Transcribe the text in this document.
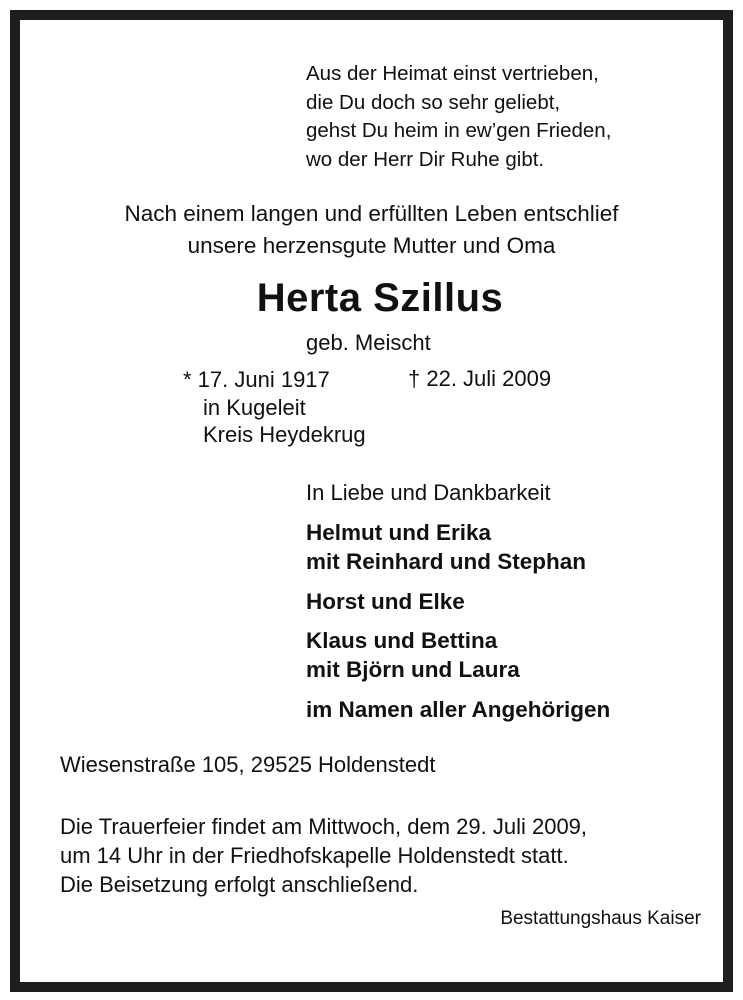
Aus der Heimat einst vertrieben,
die Du doch so sehr geliebt,
gehst Du heim in ew’gen Frieden,
wo der Herr Dir Ruhe gibt.
Nach einem langen und erfüllten Leben entschlief
unsere herzensgute Mutter und Oma
Herta Szillus
geb. Meischt
* 17. Juni 1917
in Kugeleit
Kreis Heydekrug
† 22. Juli 2009
In Liebe und Dankbarkeit
Helmut und Erika
mit Reinhard und Stephan
Horst und Elke
Klaus und Bettina
mit Björn und Laura
im Namen aller Angehörigen
Wiesenstraße 105, 29525 Holdenstedt
Die Trauerfeier findet am Mittwoch, dem 29. Juli 2009,
um 14 Uhr in der Friedhofskapelle Holdenstedt statt.
Die Beisetzung erfolgt anschließend.
Bestattungshaus Kaiser
